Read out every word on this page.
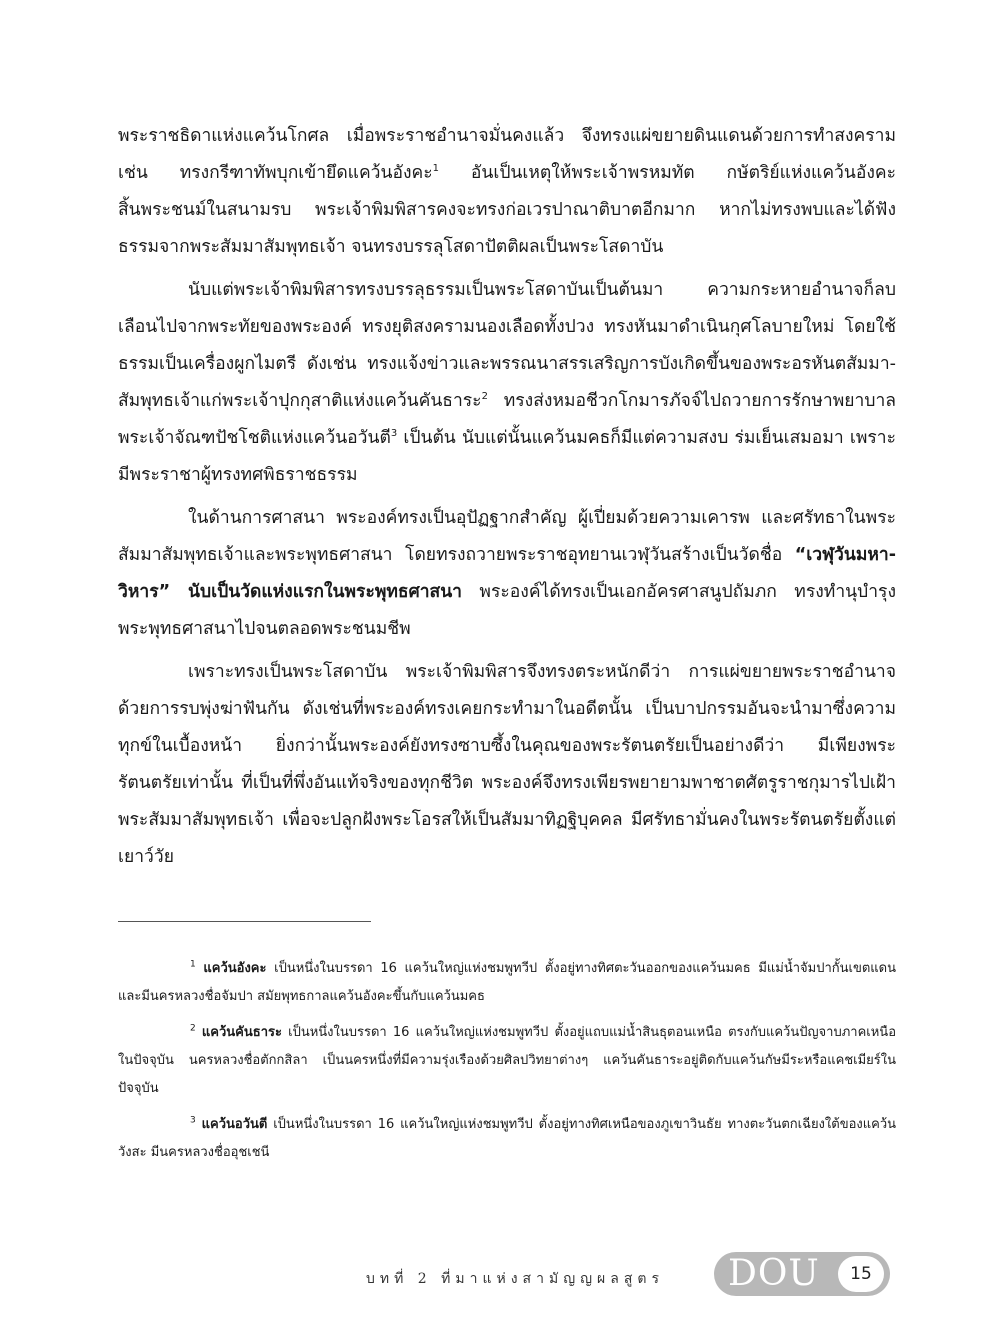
พระราชธิดาแห่งแคว้นโกศล เมื่อพระราชอำนาจมั่นคงแล้ว จึงทรงแผ่ขยายดินแดนด้วยการทำสงคราม เช่น ทรงกรีฑาทัพบุกเข้ายึดแคว้นอังคะ$^1$ อันเป็นเหตุให้พระเจ้าพรหมทัต กษัตริย์แห่งแคว้นอังคะสิ้นพระชนม์ในสนามรบ พระเจ้าพิมพิสารคงจะทรงก่อเวรปาณาติบาตอีกมาก หากไม่ทรงพบและได้ฟังธรรมจากพระสัมมาสัมพุทธเจ้า จนทรงบรรลุโสดาปัตติผลเป็นพระโสดาบัน

นับแต่พระเจ้าพิมพิสารทรงบรรลุธรรมเป็นพระโสดาบันเป็นต้นมา ความกระหายอำนาจก็ลบเลือนไปจากพระทัยของพระองค์ ทรงยุติสงครามนองเลือดทั้งปวง ทรงหันมาดำเนินกุศโลบายใหม่ โดยใช้ธรรมเป็นเครื่องผูกไมตรี ดังเช่น ทรงแจ้งข่าวและพรรณนาสรรเสริญการบังเกิดขึ้นของพระอรหันตสัมมา-สัมพุทธเจ้าแก่พระเจ้าปุกกุสาติแห่งแคว้นคันธาระ$^2$ ทรงส่งหมอชีวกโกมารภัจจ์ไปถวายการรักษาพยาบาลพระเจ้าจัณฑปัชโชติแห่งแคว้นอวันตี$^3$ เป็นต้น นับแต่นั้นแคว้นมคธก็มีแต่ความสงบ ร่มเย็นเสมอมา เพราะมีพระราชาผู้ทรงทศพิธราชธรรม

ในด้านการศาสนา พระองค์ทรงเป็นอุปัฏฐากสำคัญ ผู้เปี่ยมด้วยความเคารพ และศรัทธาในพระสัมมาสัมพุทธเจ้าและพระพุทธศาสนา โดยทรงถวายพระราชอุทยานเวฬุวันสร้างเป็นวัดชื่อ “เวฬุวันมหา-วิหาร” นับเป็นวัดแห่งแรกในพระพุทธศาสนา พระองค์ได้ทรงเป็นเอกอัครศาสนูปถัมภก ทรงทำนุบำรุงพระพุทธศาสนาไปจนตลอดพระชนมชีพ

เพราะทรงเป็นพระโสดาบัน พระเจ้าพิมพิสารจึงทรงตระหนักดีว่า การแผ่ขยายพระราชอำนาจด้วยการรบพุ่งฆ่าฟันกัน ดังเช่นที่พระองค์ทรงเคยกระทำมาในอดีตนั้น เป็นบาปกรรมอันจะนำมาซึ่งความทุกข์ในเบื้องหน้า ยิ่งกว่านั้นพระองค์ยังทรงซาบซึ้งในคุณของพระรัตนตรัยเป็นอย่างดีว่า มีเพียงพระรัตนตรัยเท่านั้น ที่เป็นที่พึ่งอันแท้จริงของทุกชีวิต พระองค์จึงทรงเพียรพยายามพาชาตศัตรูราชกุมารไปเฝ้าพระสัมมาสัมพุทธเจ้า เพื่อจะปลูกฝังพระโอรสให้เป็นสัมมาทิฏฐิบุคคล มีศรัทธามั่นคงในพระรัตนตรัยตั้งแต่เยาว์วัย

$^1$ แคว้นอังคะ เป็นหนึ่งในบรรดา 16 แคว้นใหญ่แห่งชมพูทวีป ตั้งอยู่ทางทิศตะวันออกของแคว้นมคธ มีแม่น้ำจัมปากั้นเขตแดน และมีนครหลวงชื่อจัมปา สมัยพุทธกาลแคว้นอังคะขึ้นกับแคว้นมคธ

$^2$ แคว้นคันธาระ เป็นหนึ่งในบรรดา 16 แคว้นใหญ่แห่งชมพูทวีป ตั้งอยู่แถบแม่น้ำสินธุตอนเหนือ ตรงกับแคว้นปัญจาบภาคเหนือในปัจจุบัน นครหลวงชื่อตักกสิลา เป็นนครหนึ่งที่มีความรุ่งเรืองด้วยศิลปวิทยาต่างๆ แคว้นคันธาระอยู่ติดกับแคว้นกัษมีระหรือแคชเมียร์ในปัจจุบัน

$^3$ แคว้นอวันตี เป็นหนึ่งในบรรดา 16 แคว้นใหญ่แห่งชมพูทวีป ตั้งอยู่ทางทิศเหนือของภูเขาวินธัย ทางตะวันตกเฉียงใต้ของแคว้นวังสะ มีนครหลวงชื่ออุชเชนี

บทที่ 2 ที่มาแห่งสามัญญผลสูตร DOU	15
